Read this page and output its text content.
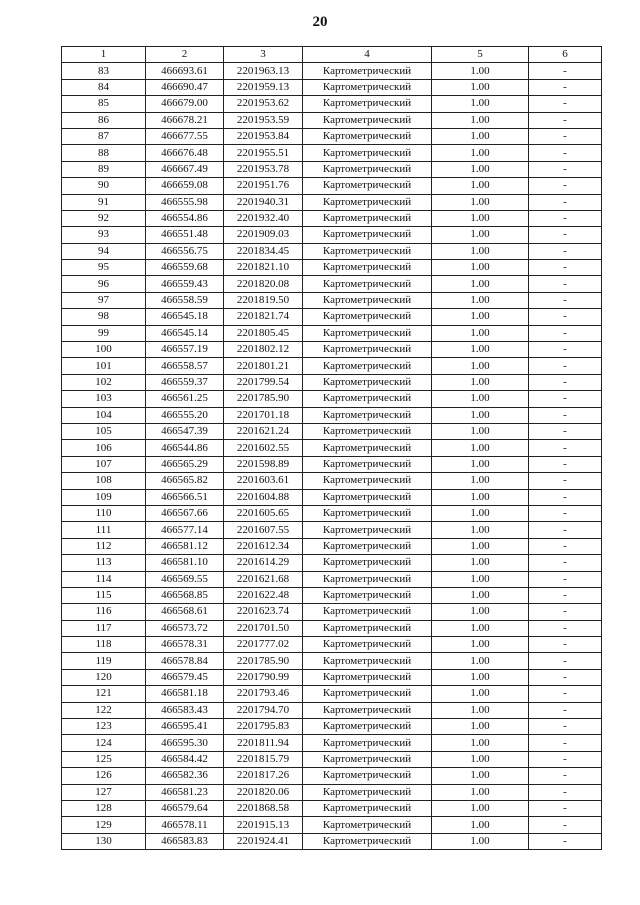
20
1	2	3	4	5	6
83	466693.61	2201963.13	Картометрический	1.00	-
84	466690.47	2201959.13	Картометрический	1.00	-
85	466679.00	2201953.62	Картометрический	1.00	-
86	466678.21	2201953.59	Картометрический	1.00	-
87	466677.55	2201953.84	Картометрический	1.00	-
88	466676.48	2201955.51	Картометрический	1.00	-
89	466667.49	2201953.78	Картометрический	1.00	-
90	466659.08	2201951.76	Картометрический	1.00	-
91	466555.98	2201940.31	Картометрический	1.00	-
92	466554.86	2201932.40	Картометрический	1.00	-
93	466551.48	2201909.03	Картометрический	1.00	-
94	466556.75	2201834.45	Картометрический	1.00	-
95	466559.68	2201821.10	Картометрический	1.00	-
96	466559.43	2201820.08	Картометрический	1.00	-
97	466558.59	2201819.50	Картометрический	1.00	-
98	466545.18	2201821.74	Картометрический	1.00	-
99	466545.14	2201805.45	Картометрический	1.00	-
100	466557.19	2201802.12	Картометрический	1.00	-
101	466558.57	2201801.21	Картометрический	1.00	-
102	466559.37	2201799.54	Картометрический	1.00	-
103	466561.25	2201785.90	Картометрический	1.00	-
104	466555.20	2201701.18	Картометрический	1.00	-
105	466547.39	2201621.24	Картометрический	1.00	-
106	466544.86	2201602.55	Картометрический	1.00	-
107	466565.29	2201598.89	Картометрический	1.00	-
108	466565.82	2201603.61	Картометрический	1.00	-
109	466566.51	2201604.88	Картометрический	1.00	-
110	466567.66	2201605.65	Картометрический	1.00	-
111	466577.14	2201607.55	Картометрический	1.00	-
112	466581.12	2201612.34	Картометрический	1.00	-
113	466581.10	2201614.29	Картометрический	1.00	-
114	466569.55	2201621.68	Картометрический	1.00	-
115	466568.85	2201622.48	Картометрический	1.00	-
116	466568.61	2201623.74	Картометрический	1.00	-
117	466573.72	2201701.50	Картометрический	1.00	-
118	466578.31	2201777.02	Картометрический	1.00	-
119	466578.84	2201785.90	Картометрический	1.00	-
120	466579.45	2201790.99	Картометрический	1.00	-
121	466581.18	2201793.46	Картометрический	1.00	-
122	466583.43	2201794.70	Картометрический	1.00	-
123	466595.41	2201795.83	Картометрический	1.00	-
124	466595.30	2201811.94	Картометрический	1.00	-
125	466584.42	2201815.79	Картометрический	1.00	-
126	466582.36	2201817.26	Картометрический	1.00	-
127	466581.23	2201820.06	Картометрический	1.00	-
128	466579.64	2201868.58	Картометрический	1.00	-
129	466578.11	2201915.13	Картометрический	1.00	-
130	466583.83	2201924.41	Картометрический	1.00	-
